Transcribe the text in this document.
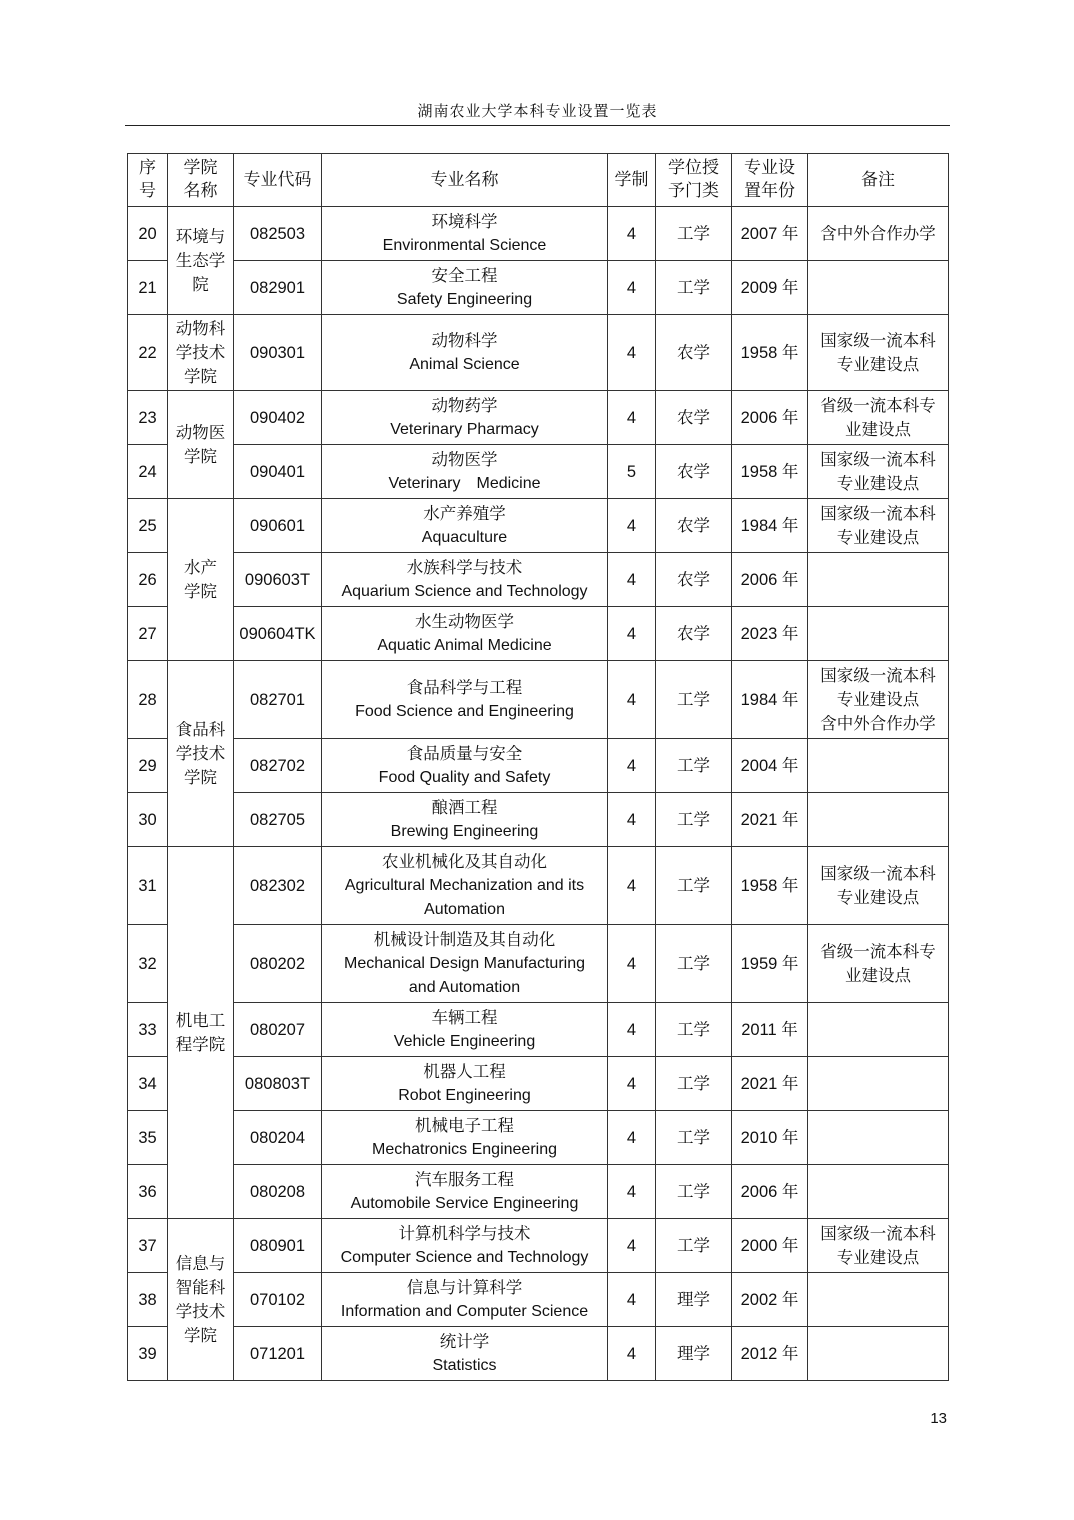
湖南农业大学本科专业设置一览表
序
号	学院
名称	专业代码	专业名称	学制	学位授
予门类	专业设
置年份	备注

20	环境与
生态学
院	082503	环境科学
Environmental Science	4	工学	2007 年	含中外合作办学

21		082901	安全工程
Safety Engineering	4	工学	2009 年	
22	动物科
学技术
学院	090301	动物科学
Animal Science	4	农学	1958 年	国家级一流本科
专业建设点

23	动物医
学院	090402	动物药学
Veterinary Pharmacy	4	农学	2006 年	省级一流本科专
业建设点

24		090401	动物医学
Veterinary Medicine	5	农学	1958 年	国家级一流本科
专业建设点

25	水产
学院	090601	水产养殖学
Aquaculture	4	农学	1984 年	国家级一流本科
专业建设点

26		090603T	水族科学与技术
Aquarium Science and Technology	4	农学	2006 年	
27		090604TK	水生动物医学
Aquatic Animal Medicine	4	农学	2023 年	
28	食品科
学技术
学院	082701	食品科学与工程
Food Science and Engineering	4	工学	1984 年	国家级一流本科
专业建设点
含中外合作办学

29		082702	食品质量与安全
Food Quality and Safety	4	工学	2004 年	
30		082705	酿酒工程
Brewing Engineering	4	工学	2021 年	
31	机电工
程学院	082302	农业机械化及其自动化
Agricultural Mechanization and its
Automation	4	工学	1958 年	国家级一流本科
专业建设点

32		080202	机械设计制造及其自动化
Mechanical Design Manufacturing
and Automation	4	工学	1959 年	省级一流本科专
业建设点

33		080207	车辆工程
Vehicle Engineering	4	工学	2011 年	
34		080803T	机器人工程
Robot Engineering	4	工学	2021 年	
35		080204	机械电子工程
Mechatronics Engineering	4	工学	2010 年	
36		080208	汽车服务工程
Automobile Service Engineering	4	工学	2006 年	
37	信息与
智能科
学技术
学院	080901	计算机科学与技术
Computer Science and Technology	4	工学	2000 年	国家级一流本科
专业建设点

38		070102	信息与计算科学
Information and Computer Science	4	理学	2002 年	
39		071201	统计学
Statistics	4	理学	2012 年	
13
